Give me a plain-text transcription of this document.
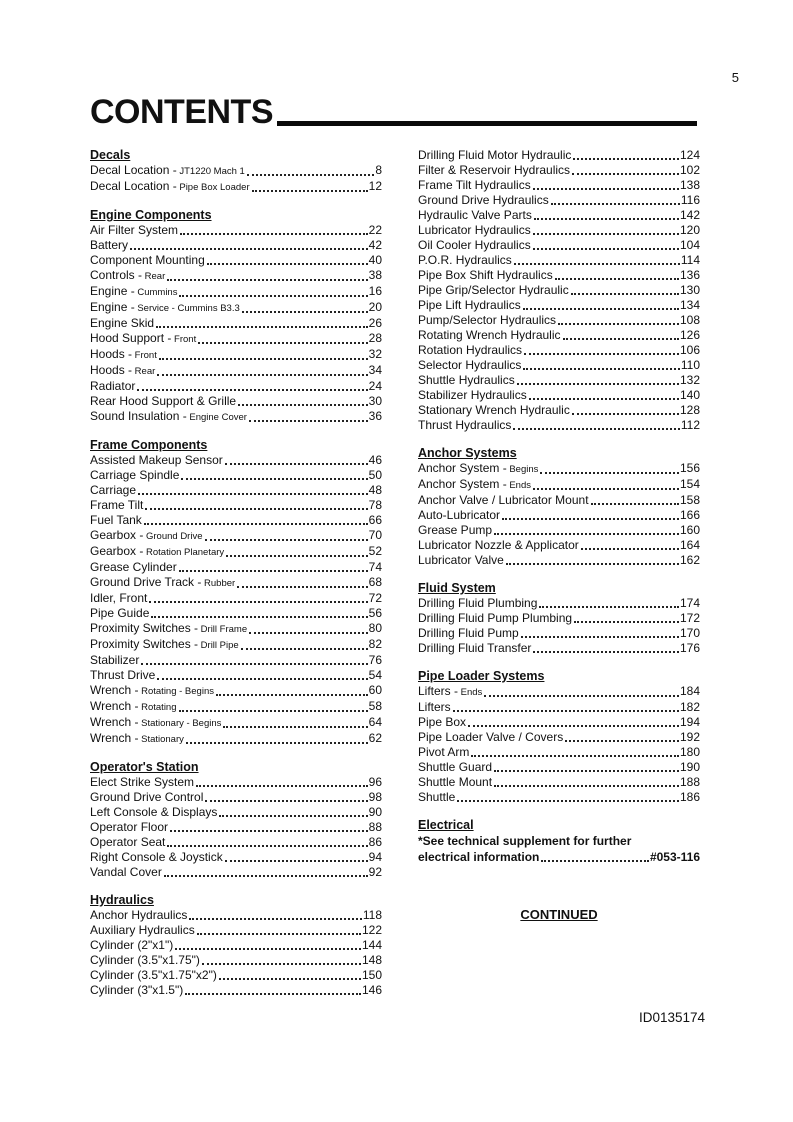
5
CONTENTS
Decals
Decal Location - JT1220 Mach 1	8
Decal Location - Pipe Box Loader	12
Engine Components
Air Filter System	22
Battery	42
Component Mounting	40
Controls - Rear	38
Engine - Cummins	16
Engine - Service - Cummins B3.3	20
Engine Skid	26
Hood Support - Front	28
Hoods - Front	32
Hoods - Rear	34
Radiator	24
Rear Hood Support & Grille	30
Sound Insulation - Engine Cover	36
Frame Components
Assisted Makeup Sensor	46
Carriage Spindle	50
Carriage	48
Frame Tilt	78
Fuel Tank	66
Gearbox - Ground Drive	70
Gearbox - Rotation Planetary	52
Grease Cylinder	74
Ground Drive Track - Rubber	68
Idler, Front	72
Pipe Guide	56
Proximity Switches - Drill Frame	80
Proximity Switches - Drill Pipe	82
Stabilizer	76
Thrust Drive	54
Wrench - Rotating - Begins	60
Wrench - Rotating	58
Wrench - Stationary - Begins	64
Wrench - Stationary	62
Operator's Station
Elect Strike System	96
Ground Drive Control	98
Left Console & Displays	90
Operator Floor	88
Operator Seat	86
Right Console & Joystick	94
Vandal Cover	92
Hydraulics
Anchor Hydraulics	118
Auxiliary Hydraulics	122
Cylinder (2"x1")	144
Cylinder (3.5"x1.75")	148
Cylinder (3.5"x1.75"x2")	150
Cylinder (3"x1.5")	146
Drilling Fluid Motor Hydraulic	124
Filter & Reservoir Hydraulics	102
Frame Tilt Hydraulics	138
Ground Drive Hydraulics	116
Hydraulic Valve Parts	142
Lubricator Hydraulics	120
Oil Cooler Hydraulics	104
P.O.R. Hydraulics	114
Pipe Box Shift Hydraulics	136
Pipe Grip/Selector Hydraulic	130
Pipe Lift Hydraulics	134
Pump/Selector Hydraulics	108
Rotating Wrench Hydraulic	126
Rotation Hydraulics	106
Selector Hydraulics	110
Shuttle Hydraulics	132
Stabilizer Hydraulics	140
Stationary Wrench Hydraulic	128
Thrust Hydraulics	112
Anchor Systems
Anchor System - Begins	156
Anchor System - Ends	154
Anchor Valve / Lubricator Mount	158
Auto-Lubricator	166
Grease Pump	160
Lubricator Nozzle & Applicator	164
Lubricator Valve	162
Fluid System
Drilling Fluid Plumbing	174
Drilling Fluid Pump Plumbing	172
Drilling Fluid Pump	170
Drilling Fluid Transfer	176
Pipe Loader Systems
Lifters - Ends	184
Lifters	182
Pipe Box	194
Pipe Loader Valve / Covers	192
Pivot Arm	180
Shuttle Guard	190
Shuttle Mount	188
Shuttle	186
Electrical
*See technical supplement for further
electrical information	#053-116
CONTINUED
ID0135174
